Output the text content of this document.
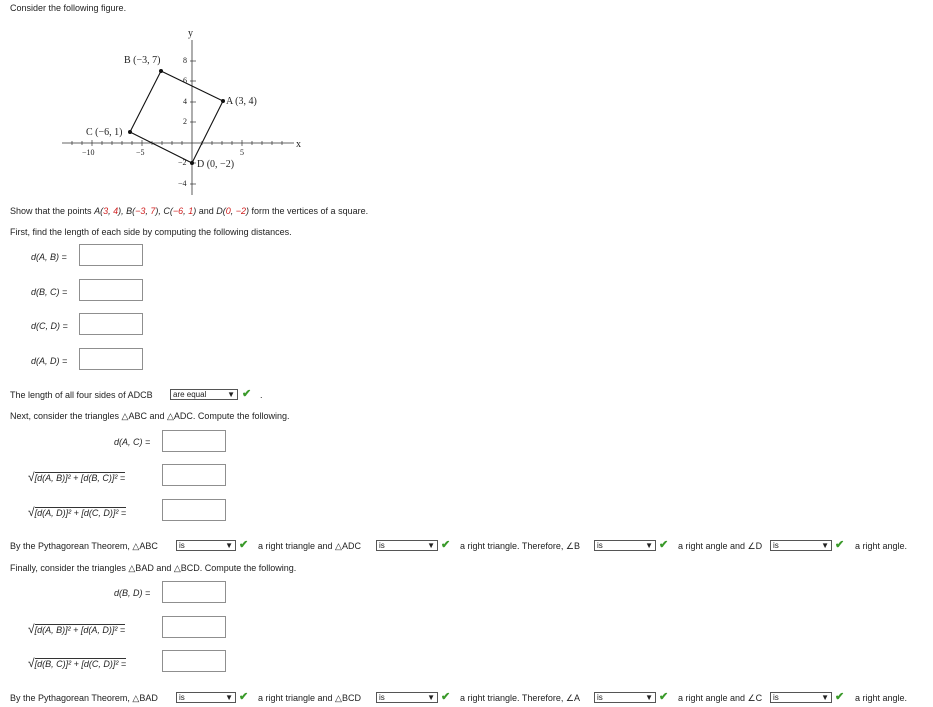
Consider the following figure.
y
x
B (−3, 7)
A (3, 4)
C (−6, 1)
D (0, −2)
8
6
4
2
−2
−4
−10	−5	5
Show that the points A(3, 4), B(−3, 7), C(−6, 1) and D(0, −2) form the vertices of a square.
First, find the length of each side by computing the following distances.
d(A, B) =
d(B, C) =
d(C, D) =
d(A, D) =
The length of all four sides of ADCB	are equal	▼ ✔ .
Next, consider the triangles △ABC and △ADC. Compute the following.
d(A, C) =
√[d(A, B)]² + [d(B, C)]² =
√[d(A, D)]² + [d(C, D)]² =
By the Pythagorean Theorem, △ABC	is	▼ ✔ a right triangle and △ADC	is	▼ ✔ a right triangle. Therefore, ∠B	is	▼ ✔ a right angle and ∠D	is	▼ ✔ a right angle.
Finally, consider the triangles △BAD and △BCD. Compute the following.
d(B, D) =
√[d(A, B)]² + [d(A, D)]² =
√[d(B, C)]² + [d(C, D)]² =
By the Pythagorean Theorem, △BAD	is	▼ ✔ a right triangle and △BCD	is	▼ ✔ a right triangle. Therefore, ∠A	is	▼ ✔ a right angle and ∠C	is	▼ ✔ a right angle.
